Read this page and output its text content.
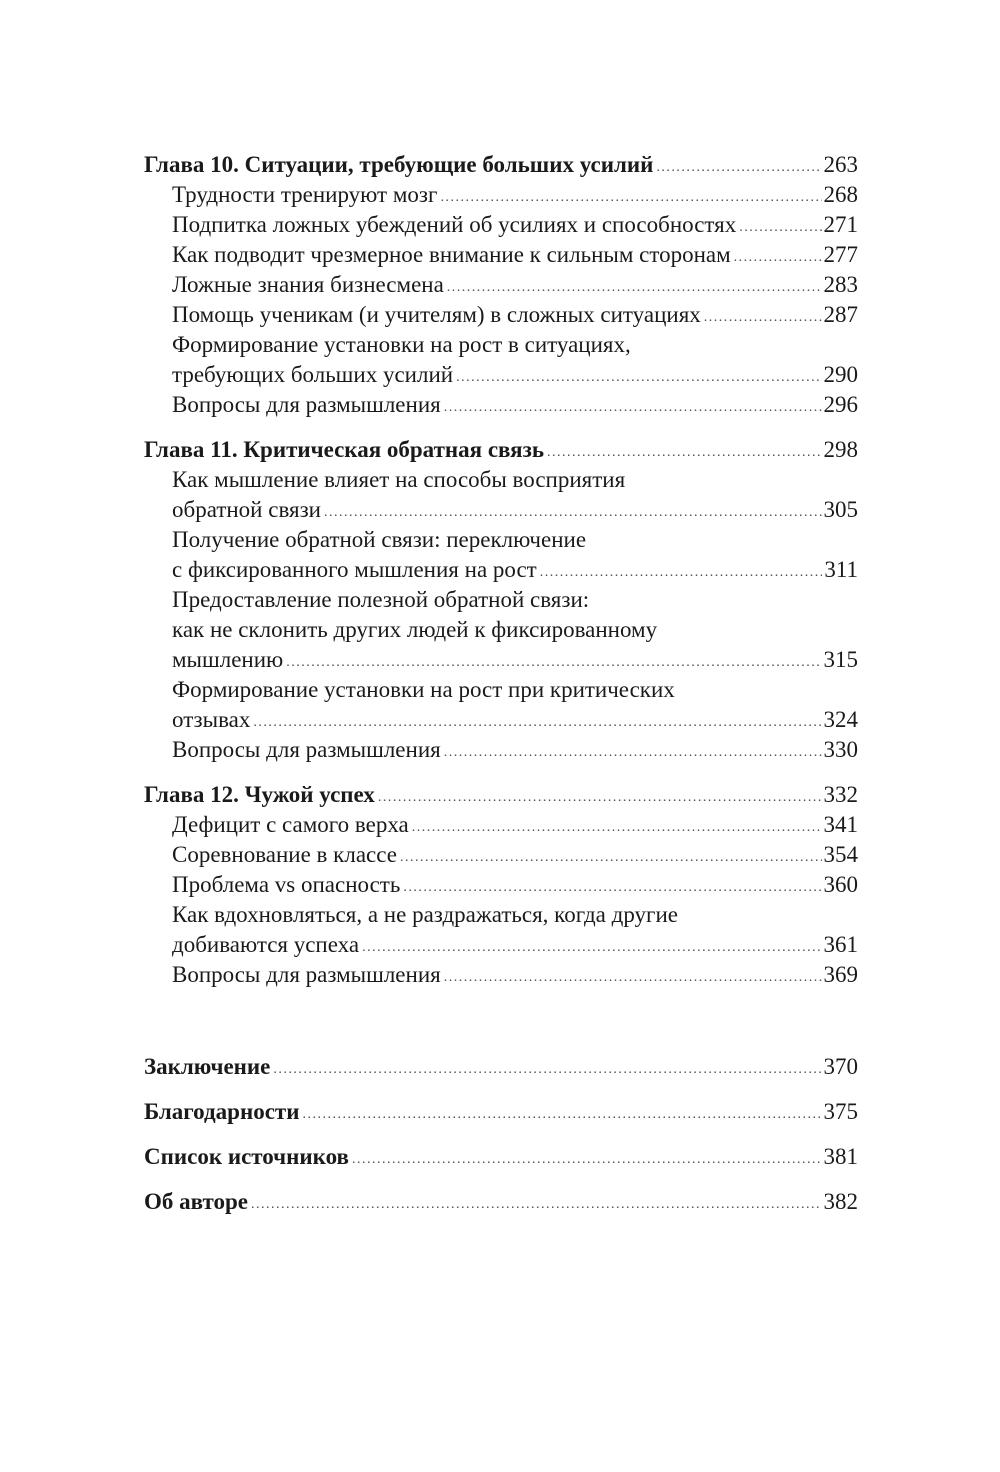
Глава 10. Ситуации, требующие больших усилий .....	263
Трудности тренируют мозг .....	268
Подпитка ложных убеждений об усилиях и способностях .....	271
Как подводит чрезмерное внимание к сильным сторонам .....	277
Ложные знания бизнесмена .....	283
Помощь ученикам (и учителям) в сложных ситуациях .....	287
Формирование установки на рост в ситуациях,
требующих больших усилий .....	290
Вопросы для размышления .....	296
Глава 11. Критическая обратная связь .....	298
Как мышление влияет на способы восприятия
обратной связи .....	305
Получение обратной связи: переключение
с фиксированного мышления на рост .....	311
Предоставление полезной обратной связи:
как не склонить других людей к фиксированному
мышлению .....	315
Формирование установки на рост при критических
отзывах .....	324
Вопросы для размышления .....	330
Глава 12. Чужой успех .....	332
Дефицит с самого верха .....	341
Соревнование в классе .....	354
Проблема vs опасность .....	360
Как вдохновляться, а не раздражаться, когда другие
добиваются успеха .....	361
Вопросы для размышления .....	369
Заключение .....	370
Благодарности .....	375
Список источников .....	381
Об авторе .....	382
